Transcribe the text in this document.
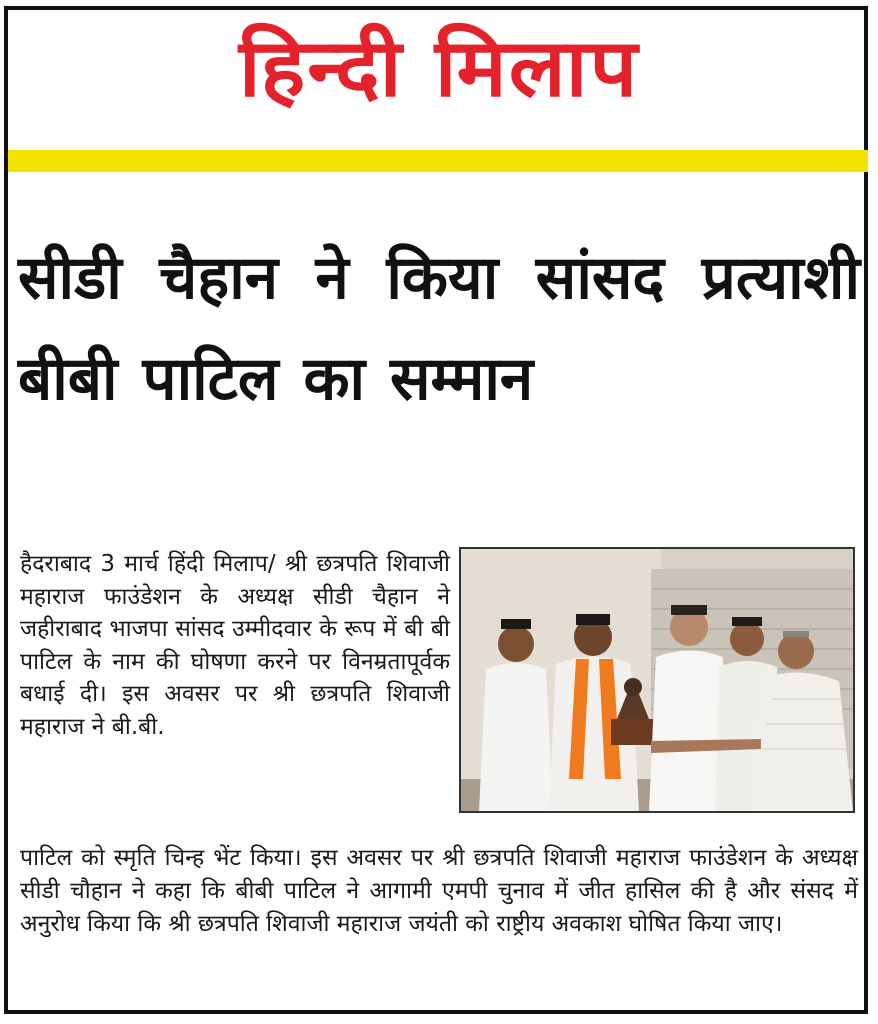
हिन्दी मिलाप
सीडी चैहान ने किया सांसद प्रत्याशी बीबी पाटिल का सम्मान
हैदराबाद 3 मार्च हिंदी मिलाप/ श्री छत्रपति शिवाजी महाराज फाउंडेशन के अध्यक्ष सीडी चैहान ने जहीराबाद भाजपा सांसद उम्मीदवार के रूप में बी बी पाटिल के नाम की घोषणा करने पर विनम्रतापूर्वक बधाई दी। इस अवसर पर श्री छत्रपति शिवाजी महाराज ने बी.बी.
पाटिल को स्मृति चिन्ह भेंट किया। इस अवसर पर श्री छत्रपति शिवाजी महाराज फाउंडेशन के अध्यक्ष सीडी चौहान ने कहा कि बीबी पाटिल ने आगामी एमपी चुनाव में जीत हासिल की है और संसद में अनुरोध किया कि श्री छत्रपति शिवाजी महाराज जयंती को राष्ट्रीय अवकाश घोषित किया जाए।
